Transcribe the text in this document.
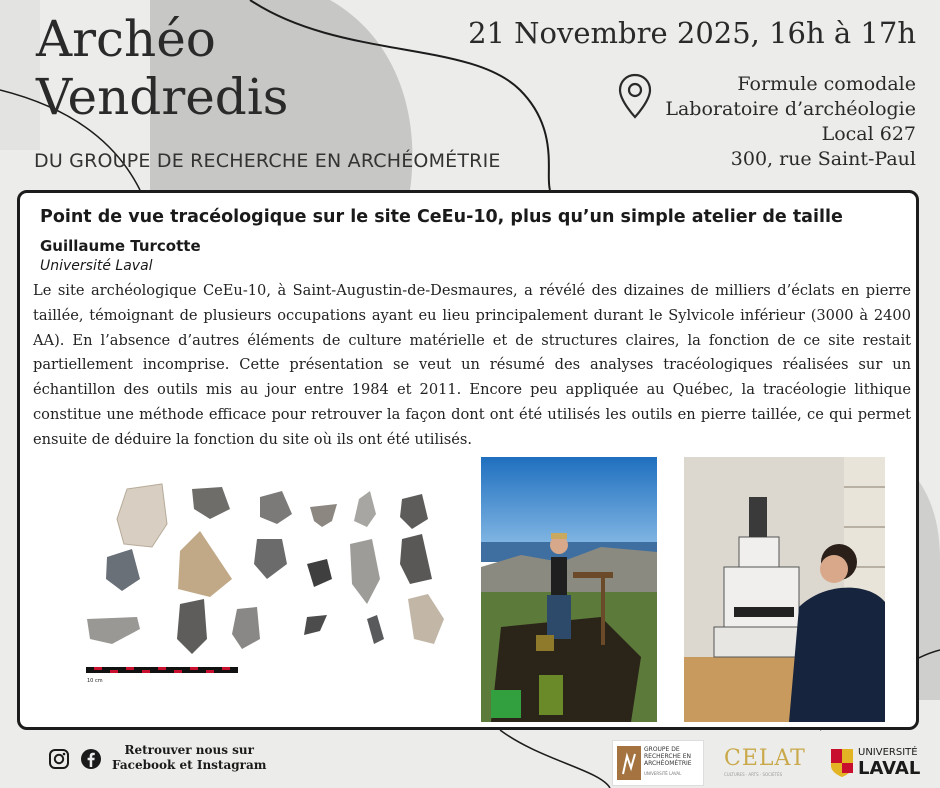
Archéo
Vendredis
DU GROUPE DE RECHERCHE EN ARCHÉOMÉTRIE
21 Novembre 2025, 16h à 17h
Formule comodale
Laboratoire d’archéologie
Local 627
300, rue Saint-Paul
Point de vue tracéologique sur le site CeEu-10, plus qu’un simple atelier de taille
Guillaume Turcotte
Université Laval

Le site archéologique CeEu-10, à Saint-Augustin-de-Desmaures, a révélé des dizaines de milliers d’éclats en pierre taillée, témoignant de plusieurs occupations ayant eu lieu principalement durant le Sylvicole inférieur (3000 à 2400 AA). En l’absence d’autres éléments de culture matérielle et de structures claires, la fonction de ce site restait partiellement incomprise. Cette présentation se veut un résumé des analyses tracéologiques réalisées sur un échantillon des outils mis au jour entre 1984 et 2011. Encore peu appliquée au Québec, la tracéologie lithique constitue une méthode efficace pour retrouver la façon dont ont été utilisés les outils en pierre taillée, ce qui permet ensuite de déduire la fonction du site où ils ont été utilisés.

10 cm
Retrouver nous sur
Facebook et Instagram
GROUPE DE
RECHERCHE EN
ARCHÉOMÉTRIE
UNIVERSITÉ LAVAL
CELAT
CULTURES · ARTS · SOCIÉTÉS
UNIVERSITÉ
LAVAL
